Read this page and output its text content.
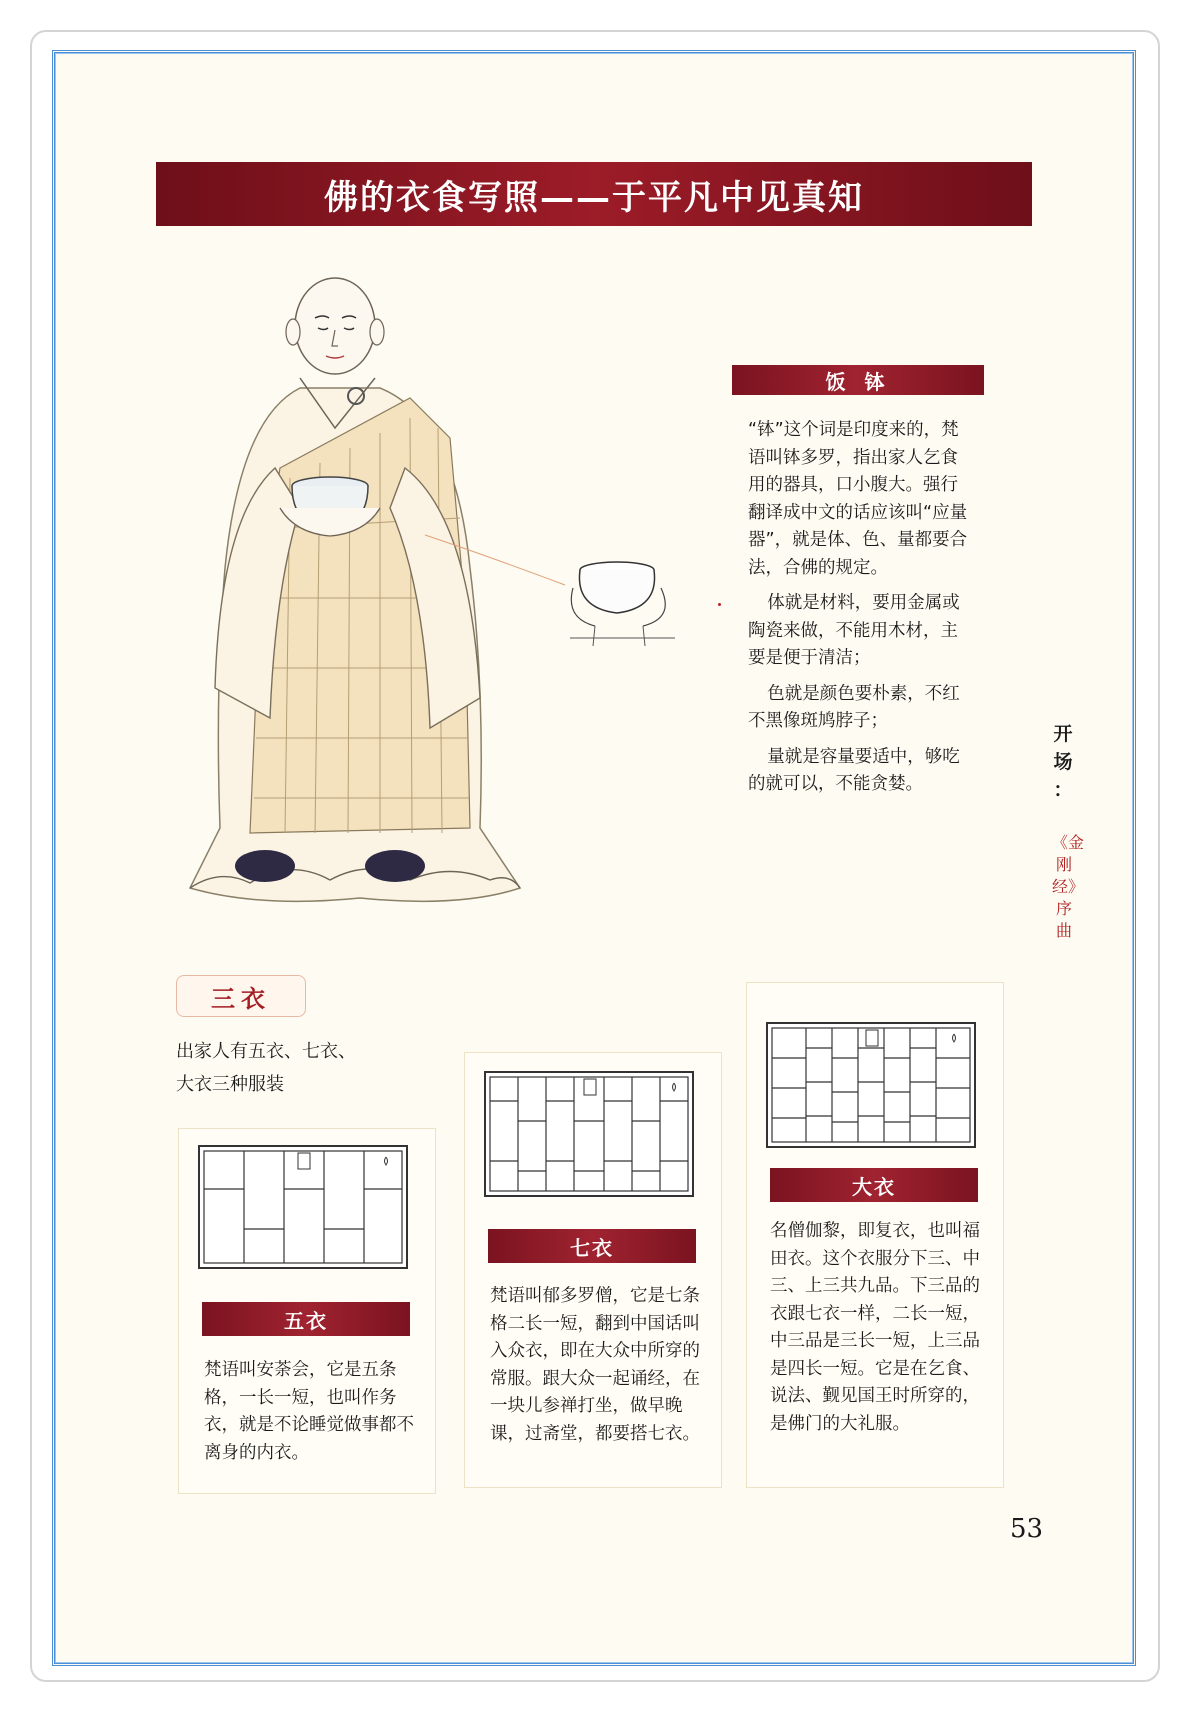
佛的衣食写照——于平凡中见真知
饭 钵

“钵”这个词是印度来的，梵语叫钵多罗，指出家人乞食用的器具，口小腹大。强行翻译成中文的话应该叫“应量器”，就是体、色、量都要合法，合佛的规定。

体就是材料，要用金属或陶瓷来做，不能用木材，主要是便于清洁；

色就是颜色要朴素，不红不黑像斑鸠脖子；

量就是容量要适中，够吃的就可以，不能贪婪。

开
场
：
《金刚经》序曲
三衣
出家人有五衣、七衣、
大衣三种服装
五衣
梵语叫安荼会，它是五条格，一长一短，也叫作务衣，就是不论睡觉做事都不离身的内衣。
七衣
梵语叫郁多罗僧，它是七条格二长一短，翻到中国话叫入众衣，即在大众中所穿的常服。跟大众一起诵经，在一块儿参禅打坐，做早晚课，过斋堂，都要搭七衣。
大衣
名僧伽黎，即复衣，也叫福田衣。这个衣服分下三、中三、上三共九品。下三品的衣跟七衣一样，二长一短，中三品是三长一短，上三品是四长一短。它是在乞食、说法、觐见国王时所穿的，是佛门的大礼服。
53
